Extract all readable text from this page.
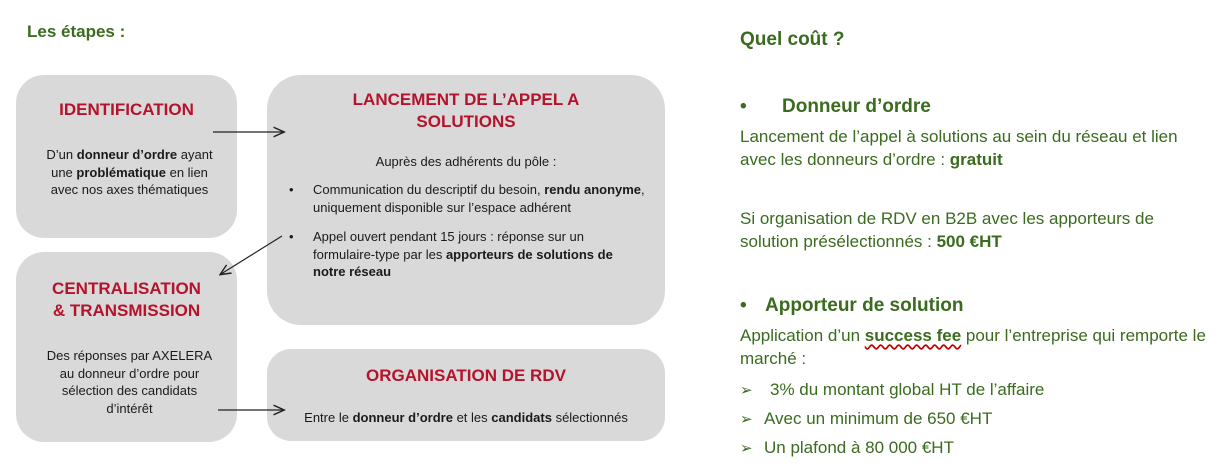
Les étapes :
IDENTIFICATION
D’un donneur d’ordre ayant une problématique en lien avec nos axes thématiques
LANCEMENT DE L’APPEL A
SOLUTIONS
Auprès des adhérents du pôle :
• Communication du descriptif du besoin, rendu anonyme, uniquement disponible sur l’espace adhérent
• Appel ouvert pendant 15 jours : réponse sur un formulaire-type par les apporteurs de solutions de notre réseau
CENTRALISATION
& TRANSMISSION
Des réponses par AXELERA au donneur d’ordre pour sélection des candidats d’intérêt
ORGANISATION DE RDV
Entre le donneur d’ordre et les candidats sélectionnés
Quel coût ?
• Donneur d’ordre
Lancement de l’appel à solutions au sein du réseau et lien avec les donneurs d’ordre : gratuit
Si organisation de RDV en B2B avec les apporteurs de solution présélectionnés : 500 €HT
• Apporteur de solution
Application d’un success fee pour l’entreprise qui remporte le marché :
➢ 3% du montant global HT de l’affaire
➢ Avec un minimum de 650 €HT
➢ Un plafond à 80 000 €HT
